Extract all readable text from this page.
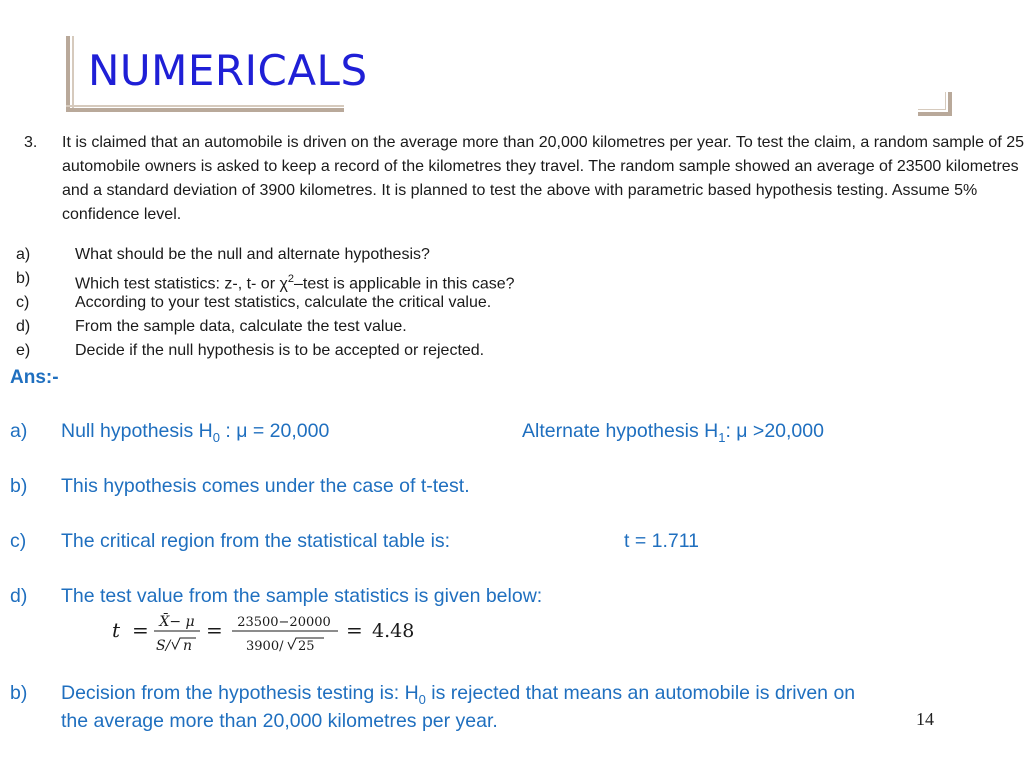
NUMERICALS
3. It is claimed that an automobile is driven on the average more than 20,000 kilometres per year. To test the claim, a random sample of 25 automobile owners is asked to keep a record of the kilometres they travel. The random sample showed an average of 23500 kilometres and a standard deviation of 3900 kilometres. It is planned to test the above with parametric based hypothesis testing. Assume 5% confidence level.
a)	What should be the null and alternate hypothesis?
b)	Which test statistics: z-, t- or $\chi^2$–test is applicable in this case?
c)	According to your test statistics, calculate the critical value.
d)	From the sample data, calculate the test value.
e)	Decide if the null hypothesis is to be accepted or rejected.
Ans:-
a) Null hypothesis $H_0$ : μ = 20,000	Alternate hypothesis $H_1$: μ >20,000
b) This hypothesis comes under the case of t-test.
c) The critical region from the statistical table is:	t = 1.711
d) The test value from the sample statistics is given below:
t = X̄− μ
S/ n
= 23500−20000
3900/ 25
= 4.48
b) Decision from the hypothesis testing is: $H_0$ is rejected that means an automobile is driven on
the average more than 20,000 kilometres per year.	14
